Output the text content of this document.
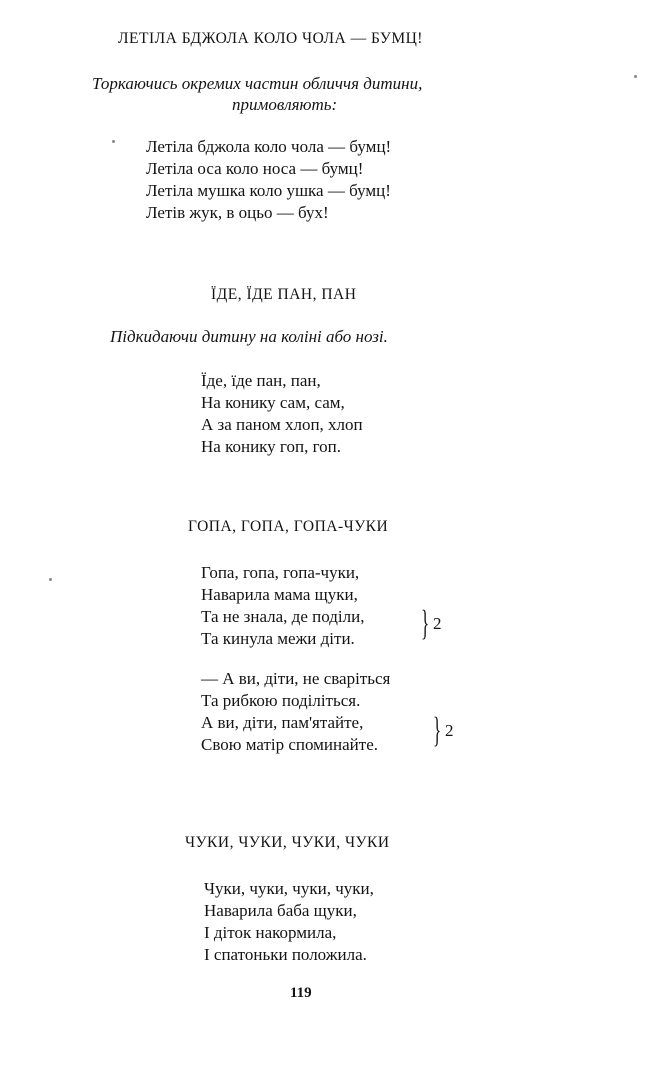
ЛЕТІЛА БДЖОЛА КОЛО ЧОЛА — БУМЦ!
Торкаючись окремих частин обличчя дитини,
примовляють:
Летіла бджола коло чола — бумц!
Летіла оса коло носа — бумц!
Летіла мушка коло ушка — бумц!
Летів жук, в оцьо — бух!
ЇДЕ, ЇДЕ ПАН, ПАН
Підкидаючи дитину на коліні або нозі.
Їде, їде пан, пан,
На конику сам, сам,
А за паном хлоп, хлоп
На конику гоп, гоп.
ГОПА, ГОПА, ГОПА-ЧУКИ
Гопа, гопа, гопа-чуки,
Наварила мама щуки,
Та не знала, де поділи,
Та кинула межи діти.	} 2
— А ви, діти, не сваріться
Та рибкою поділіться.
А ви, діти, пам'ятайте,
Свою матір споминайте.	} 2
ЧУКИ, ЧУКИ, ЧУКИ, ЧУКИ
Чуки, чуки, чуки, чуки,
Наварила баба щуки,
І діток накормила,
І спатоньки положила.
119
